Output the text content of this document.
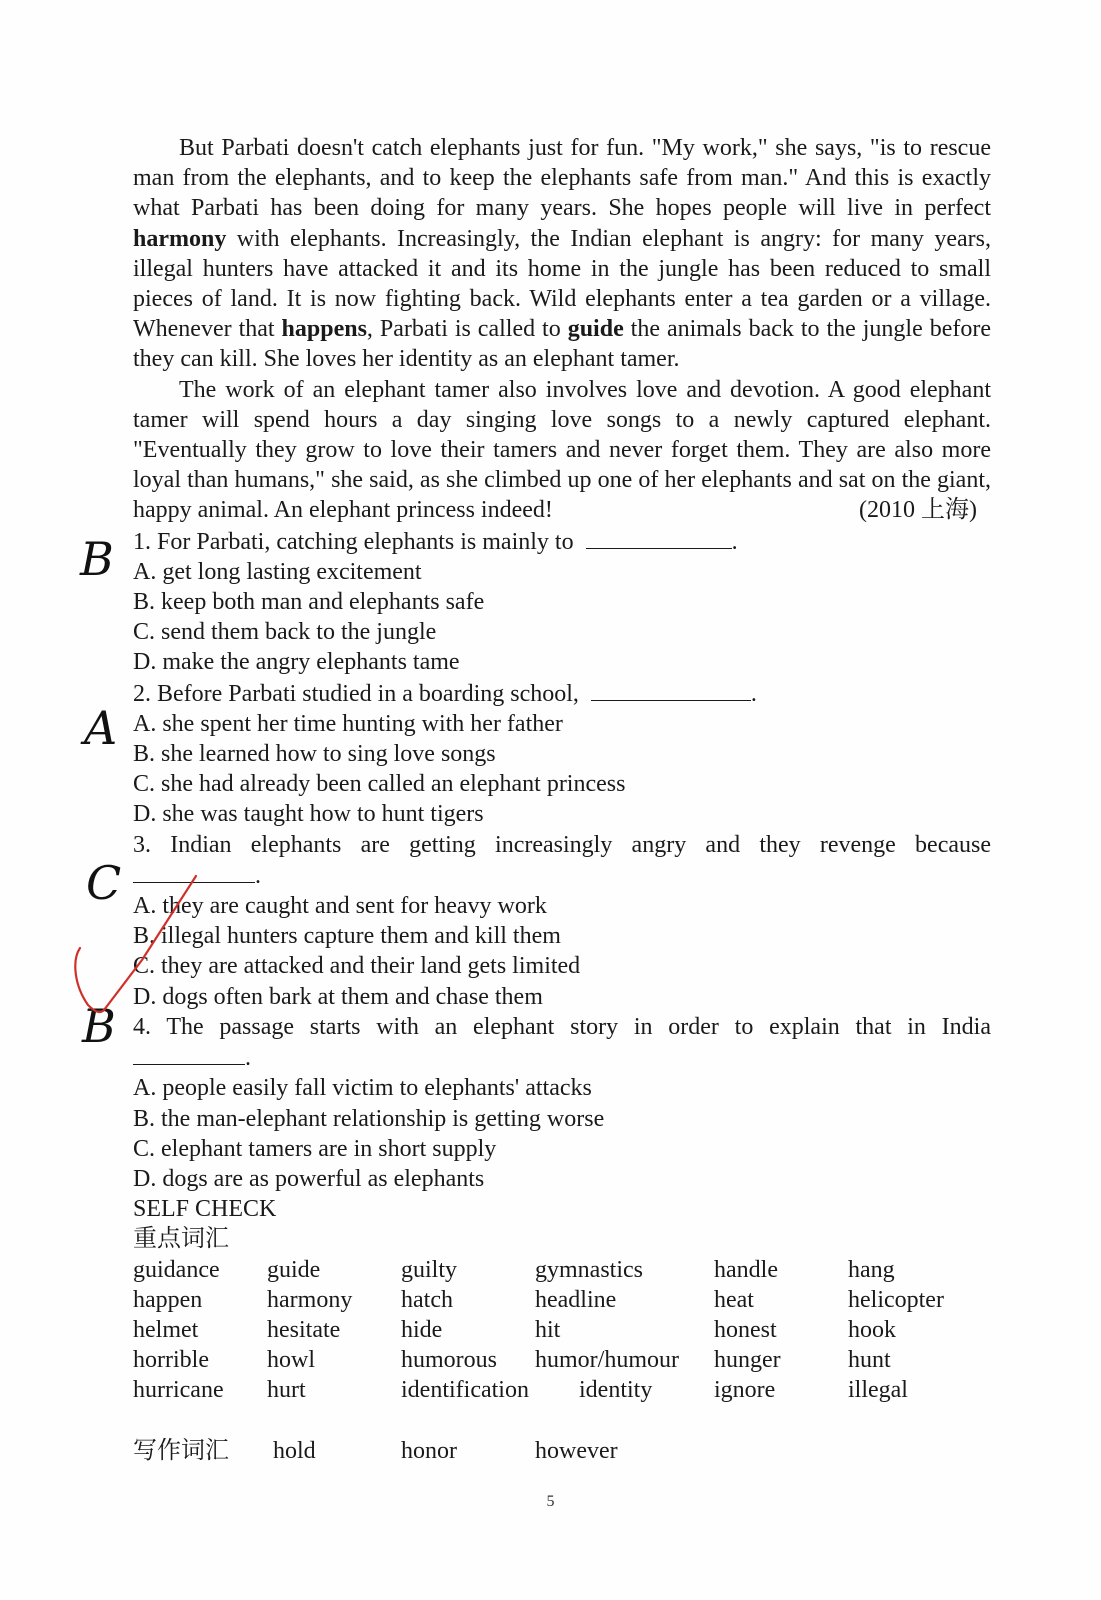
But Parbati doesn't catch elephants just for fun. "My work," she says, "is to rescue man from the elephants, and to keep the elephants safe from man." And this is exactly what Parbati has been doing for many years. She hopes people will live in perfect harmony with elephants. Increasingly, the Indian elephant is angry: for many years, illegal hunters have attacked it and its home in the jungle has been reduced to small pieces of land. It is now fighting back. Wild elephants enter a tea garden or a village. Whenever that happens, Parbati is called to guide the animals back to the jungle before they can kill. She loves her identity as an elephant tamer.

The work of an elephant tamer also involves love and devotion. A good elephant tamer will spend hours a day singing love songs to a newly captured elephant. "Eventually they grow to love their tamers and never forget them. They are also more loyal than humans," she said, as she climbed up one of her elephants and sat on the giant, happy animal. An elephant princess indeed!	(2010 上海)

1. For Parbati, catching elephants is mainly to	.

A. get long lasting excitement

B. keep both man and elephants safe

C. send them back to the jungle

D. make the angry elephants tame

2. Before Parbati studied in a boarding school,	.

A. she spent her time hunting with her father

B. she learned how to sing love songs

C. she had already been called an elephant princess

D. she was taught how to hunt tigers

3. Indian elephants are getting increasingly angry and they revenge because

.

A. they are caught and sent for heavy work

B. illegal hunters capture them and kill them

C. they are attacked and their land gets limited

D. dogs often bark at them and chase them

4. The passage starts with an elephant story in order to explain that in India

.

A. people easily fall victim to elephants' attacks

B. the man-elephant relationship is getting worse

C. elephant tamers are in short supply

D. dogs are as powerful as elephants

SELF CHECK

重点词汇

guidance	guide	guilty	gymnastics	handle	hang
happen	harmony	hatch	headline	heat	helicopter
helmet	hesitate	hide	hit	honest	hook
horrible	howl	humorous	humor/humour	hunger	hunt
hurricane	hurt	identification	identity	ignore	illegal
写作词汇	hold	honor	however
5
B
A
C
B
